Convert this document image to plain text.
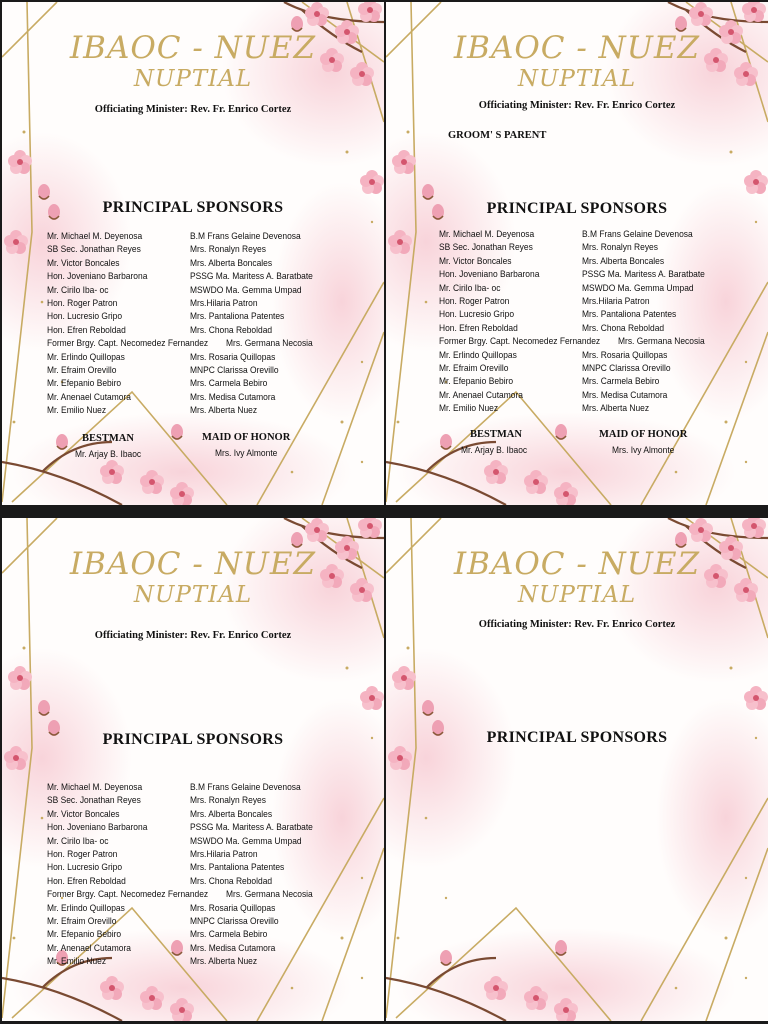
IBAOC - NUEZ
NUPTIAL
Officiating Minister: Rev. Fr. Enrico Cortez
PRINCIPAL SPONSORS
Mr. Michael M. Deyenosa
SB Sec. Jonathan Reyes
Mr. Victor Boncales
Hon. Joveniano Barbarona
Mr. Cirilo Iba- oc
Hon. Roger Patron
Hon. Lucresio Gripo
Hon. Efren Reboldad
Former Brgy. Capt. Necomedez Fernandez
Mr. Erlindo Quillopas
Mr. Efraim Orevillo
Mr. Efepanio Bebiro
Mr. Anenael Cutamora
Mr. Emilio Nuez
B.M Frans Gelaine Devenosa
Mrs. Ronalyn Reyes
Mrs. Alberta Boncales
PSSG Ma. Maritess A. Baratbate
MSWDO Ma. Gemma Umpad
Mrs.Hilaria Patron
Mrs. Pantaliona Patentes
Mrs. Chona Reboldad
Mrs. Germana Necosia
Mrs. Rosaria Quillopas
MNPC Clarissa Orevillo
Mrs. Carmela Bebiro
Mrs. Medisa Cutamora
Mrs. Alberta Nuez
BESTMAN
Mr. Arjay B. Ibaoc
MAID OF HONOR
Mrs. Ivy Almonte
IBAOC - NUEZ
NUPTIAL
Officiating Minister: Rev. Fr. Enrico Cortez
GROOM' S PARENT
PRINCIPAL SPONSORS
Mr. Michael M. Deyenosa
SB Sec. Jonathan Reyes
Mr. Victor Boncales
Hon. Joveniano Barbarona
Mr. Cirilo Iba- oc
Hon. Roger Patron
Hon. Lucresio Gripo
Hon. Efren Reboldad
Former Brgy. Capt. Necomedez Fernandez
Mr. Erlindo Quillopas
Mr. Efraim Orevillo
Mr. Efepanio Bebiro
Mr. Anenael Cutamora
Mr. Emilio Nuez
B.M Frans Gelaine Devenosa
Mrs. Ronalyn Reyes
Mrs. Alberta Boncales
PSSG Ma. Maritess A. Baratbate
MSWDO Ma. Gemma Umpad
Mrs.Hilaria Patron
Mrs. Pantaliona Patentes
Mrs. Chona Reboldad
Mrs. Germana Necosia
Mrs. Rosaria Quillopas
MNPC Clarissa Orevillo
Mrs. Carmela Bebiro
Mrs. Medisa Cutamora
Mrs. Alberta Nuez
BESTMAN
Mr. Arjay B. Ibaoc
MAID OF HONOR
Mrs. Ivy Almonte
IBAOC - NUEZ
NUPTIAL
Officiating Minister: Rev. Fr. Enrico Cortez
PRINCIPAL SPONSORS
Mr. Michael M. Deyenosa
SB Sec. Jonathan Reyes
Mr. Victor Boncales
Hon. Joveniano Barbarona
Mr. Cirilo Iba- oc
Hon. Roger Patron
Hon. Lucresio Gripo
Hon. Efren Reboldad
Former Brgy. Capt. Necomedez Fernandez
Mr. Erlindo Quillopas
Mr. Efraim Orevillo
Mr. Efepanio Bebiro
Mr. Anenael Cutamora
Mr. Emilio Nuez
B.M Frans Gelaine Devenosa
Mrs. Ronalyn Reyes
Mrs. Alberta Boncales
PSSG Ma. Maritess A. Baratbate
MSWDO Ma. Gemma Umpad
Mrs.Hilaria Patron
Mrs. Pantaliona Patentes
Mrs. Chona Reboldad
Mrs. Germana Necosia
Mrs. Rosaria Quillopas
MNPC Clarissa Orevillo
Mrs. Carmela Bebiro
Mrs. Medisa Cutamora
Mrs. Alberta Nuez
IBAOC - NUEZ
NUPTIAL
Officiating Minister: Rev. Fr. Enrico Cortez
PRINCIPAL SPONSORS
